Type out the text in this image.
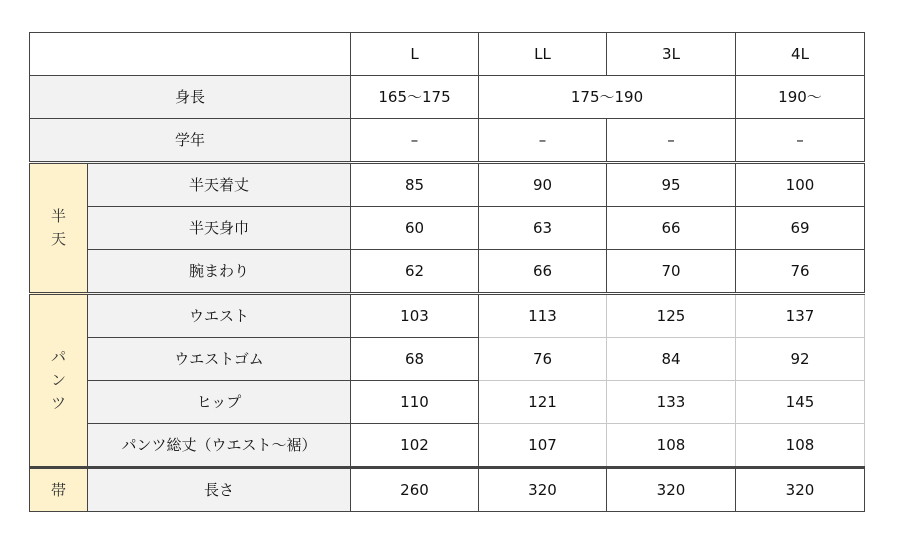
		L	LL	3L	4L
身長		165〜175	175〜190		190〜
学年		–	–	–	–
半天	半天着丈	85	90	95	100
	半天身巾	60	63	66	69
	腕まわり	62	66	70	76
パンツ	ウエスト	103	113	125	137
	ウエストゴム	68	76	84	92
	ヒップ	110	121	133	145
	パンツ総丈（ウエスト〜裾）	102	107	108	108
帯	長さ	260	320	320	320
